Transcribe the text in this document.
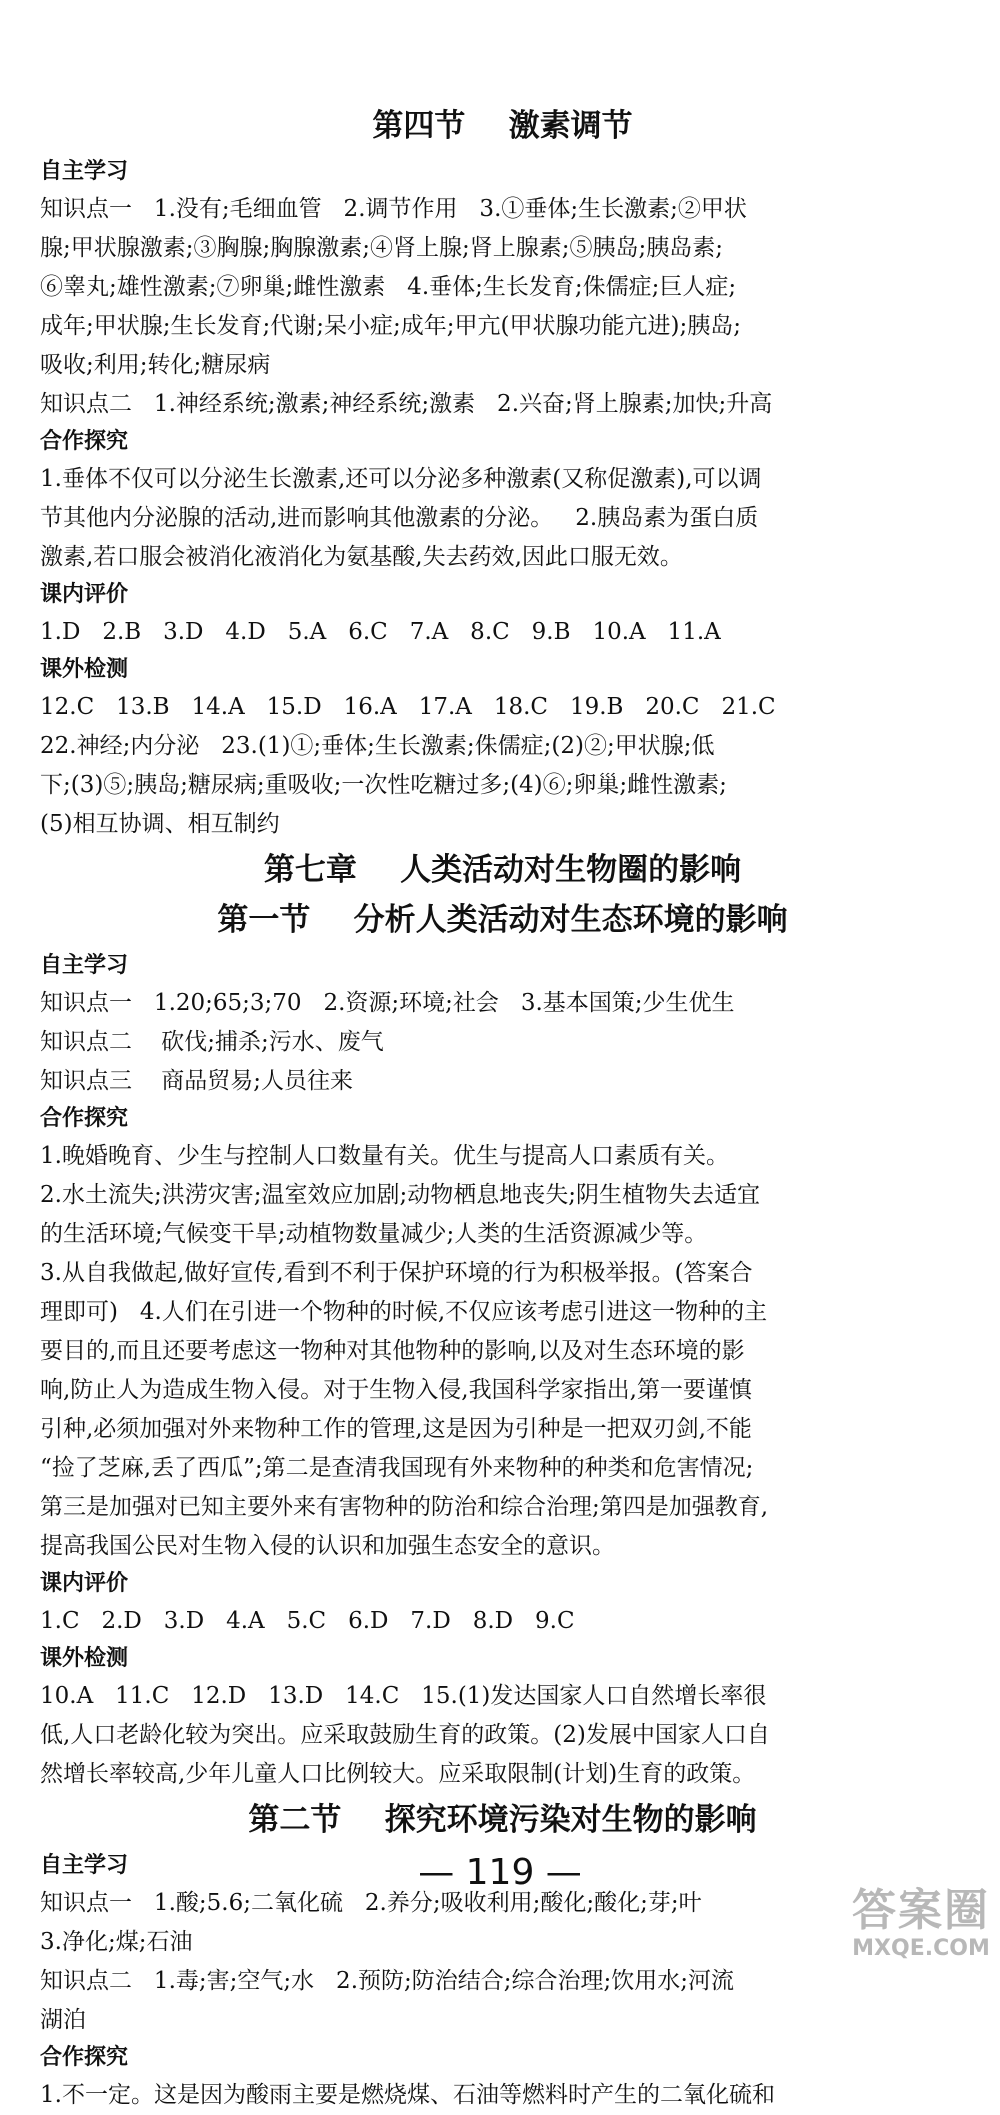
第四节    激素调节
自主学习
知识点一   1.没有;毛细血管   2.调节作用   3.①垂体;生长激素;②甲状
腺;甲状腺激素;③胸腺;胸腺激素;④肾上腺;肾上腺素;⑤胰岛;胰岛素;
⑥睾丸;雄性激素;⑦卵巢;雌性激素   4.垂体;生长发育;侏儒症;巨人症;
成年;甲状腺;生长发育;代谢;呆小症;成年;甲亢(甲状腺功能亢进);胰岛;
吸收;利用;转化;糖尿病
知识点二   1.神经系统;激素;神经系统;激素   2.兴奋;肾上腺素;加快;升高
合作探究
1.垂体不仅可以分泌生长激素,还可以分泌多种激素(又称促激素),可以调
节其他内分泌腺的活动,进而影响其他激素的分泌。   2.胰岛素为蛋白质
激素,若口服会被消化液消化为氨基酸,失去药效,因此口服无效。
课内评价
1.D   2.B   3.D   4.D   5.A   6.C   7.A   8.C   9.B   10.A   11.A
课外检测
12.C   13.B   14.A   15.D   16.A   17.A   18.C   19.B   20.C   21.C
22.神经;内分泌   23.(1)①;垂体;生长激素;侏儒症;(2)②;甲状腺;低
下;(3)⑤;胰岛;糖尿病;重吸收;一次性吃糖过多;(4)⑥;卵巢;雌性激素;
(5)相互协调、相互制约
第七章    人类活动对生物圈的影响
第一节    分析人类活动对生态环境的影响
自主学习
知识点一   1.20;65;3;70   2.资源;环境;社会   3.基本国策;少生优生
知识点二    砍伐;捕杀;污水、废气
知识点三    商品贸易;人员往来
合作探究
1.晚婚晚育、少生与控制人口数量有关。优生与提高人口素质有关。
2.水土流失;洪涝灾害;温室效应加剧;动物栖息地丧失;阴生植物失去适宜
的生活环境;气候变干旱;动植物数量减少;人类的生活资源减少等。
3.从自我做起,做好宣传,看到不利于保护环境的行为积极举报。(答案合
理即可)   4.人们在引进一个物种的时候,不仅应该考虑引进这一物种的主
要目的,而且还要考虑这一物种对其他物种的影响,以及对生态环境的影
响,防止人为造成生物入侵。对于生物入侵,我国科学家指出,第一要谨慎
引种,必须加强对外来物种工作的管理,这是因为引种是一把双刃剑,不能
“捡了芝麻,丢了西瓜”;第二是查清我国现有外来物种的种类和危害情况;
第三是加强对已知主要外来有害物种的防治和综合治理;第四是加强教育,
提高我国公民对生物入侵的认识和加强生态安全的意识。
课内评价
1.C   2.D   3.D   4.A   5.C   6.D   7.D   8.D   9.C
课外检测
10.A   11.C   12.D   13.D   14.C   15.(1)发达国家人口自然增长率很
低,人口老龄化较为突出。应采取鼓励生育的政策。(2)发展中国家人口自
然增长率较高,少年儿童人口比例较大。应采取限制(计划)生育的政策。
第二节    探究环境污染对生物的影响
自主学习
知识点一   1.酸;5.6;二氧化硫   2.养分;吸收利用;酸化;酸化;芽;叶
3.净化;煤;石油
知识点二   1.毒;害;空气;水   2.预防;防治结合;综合治理;饮用水;河流
湖泊
合作探究
1.不一定。这是因为酸雨主要是燃烧煤、石油等燃料时产生的二氧化硫和
— 119 —
答案圈
MXQE.COM
